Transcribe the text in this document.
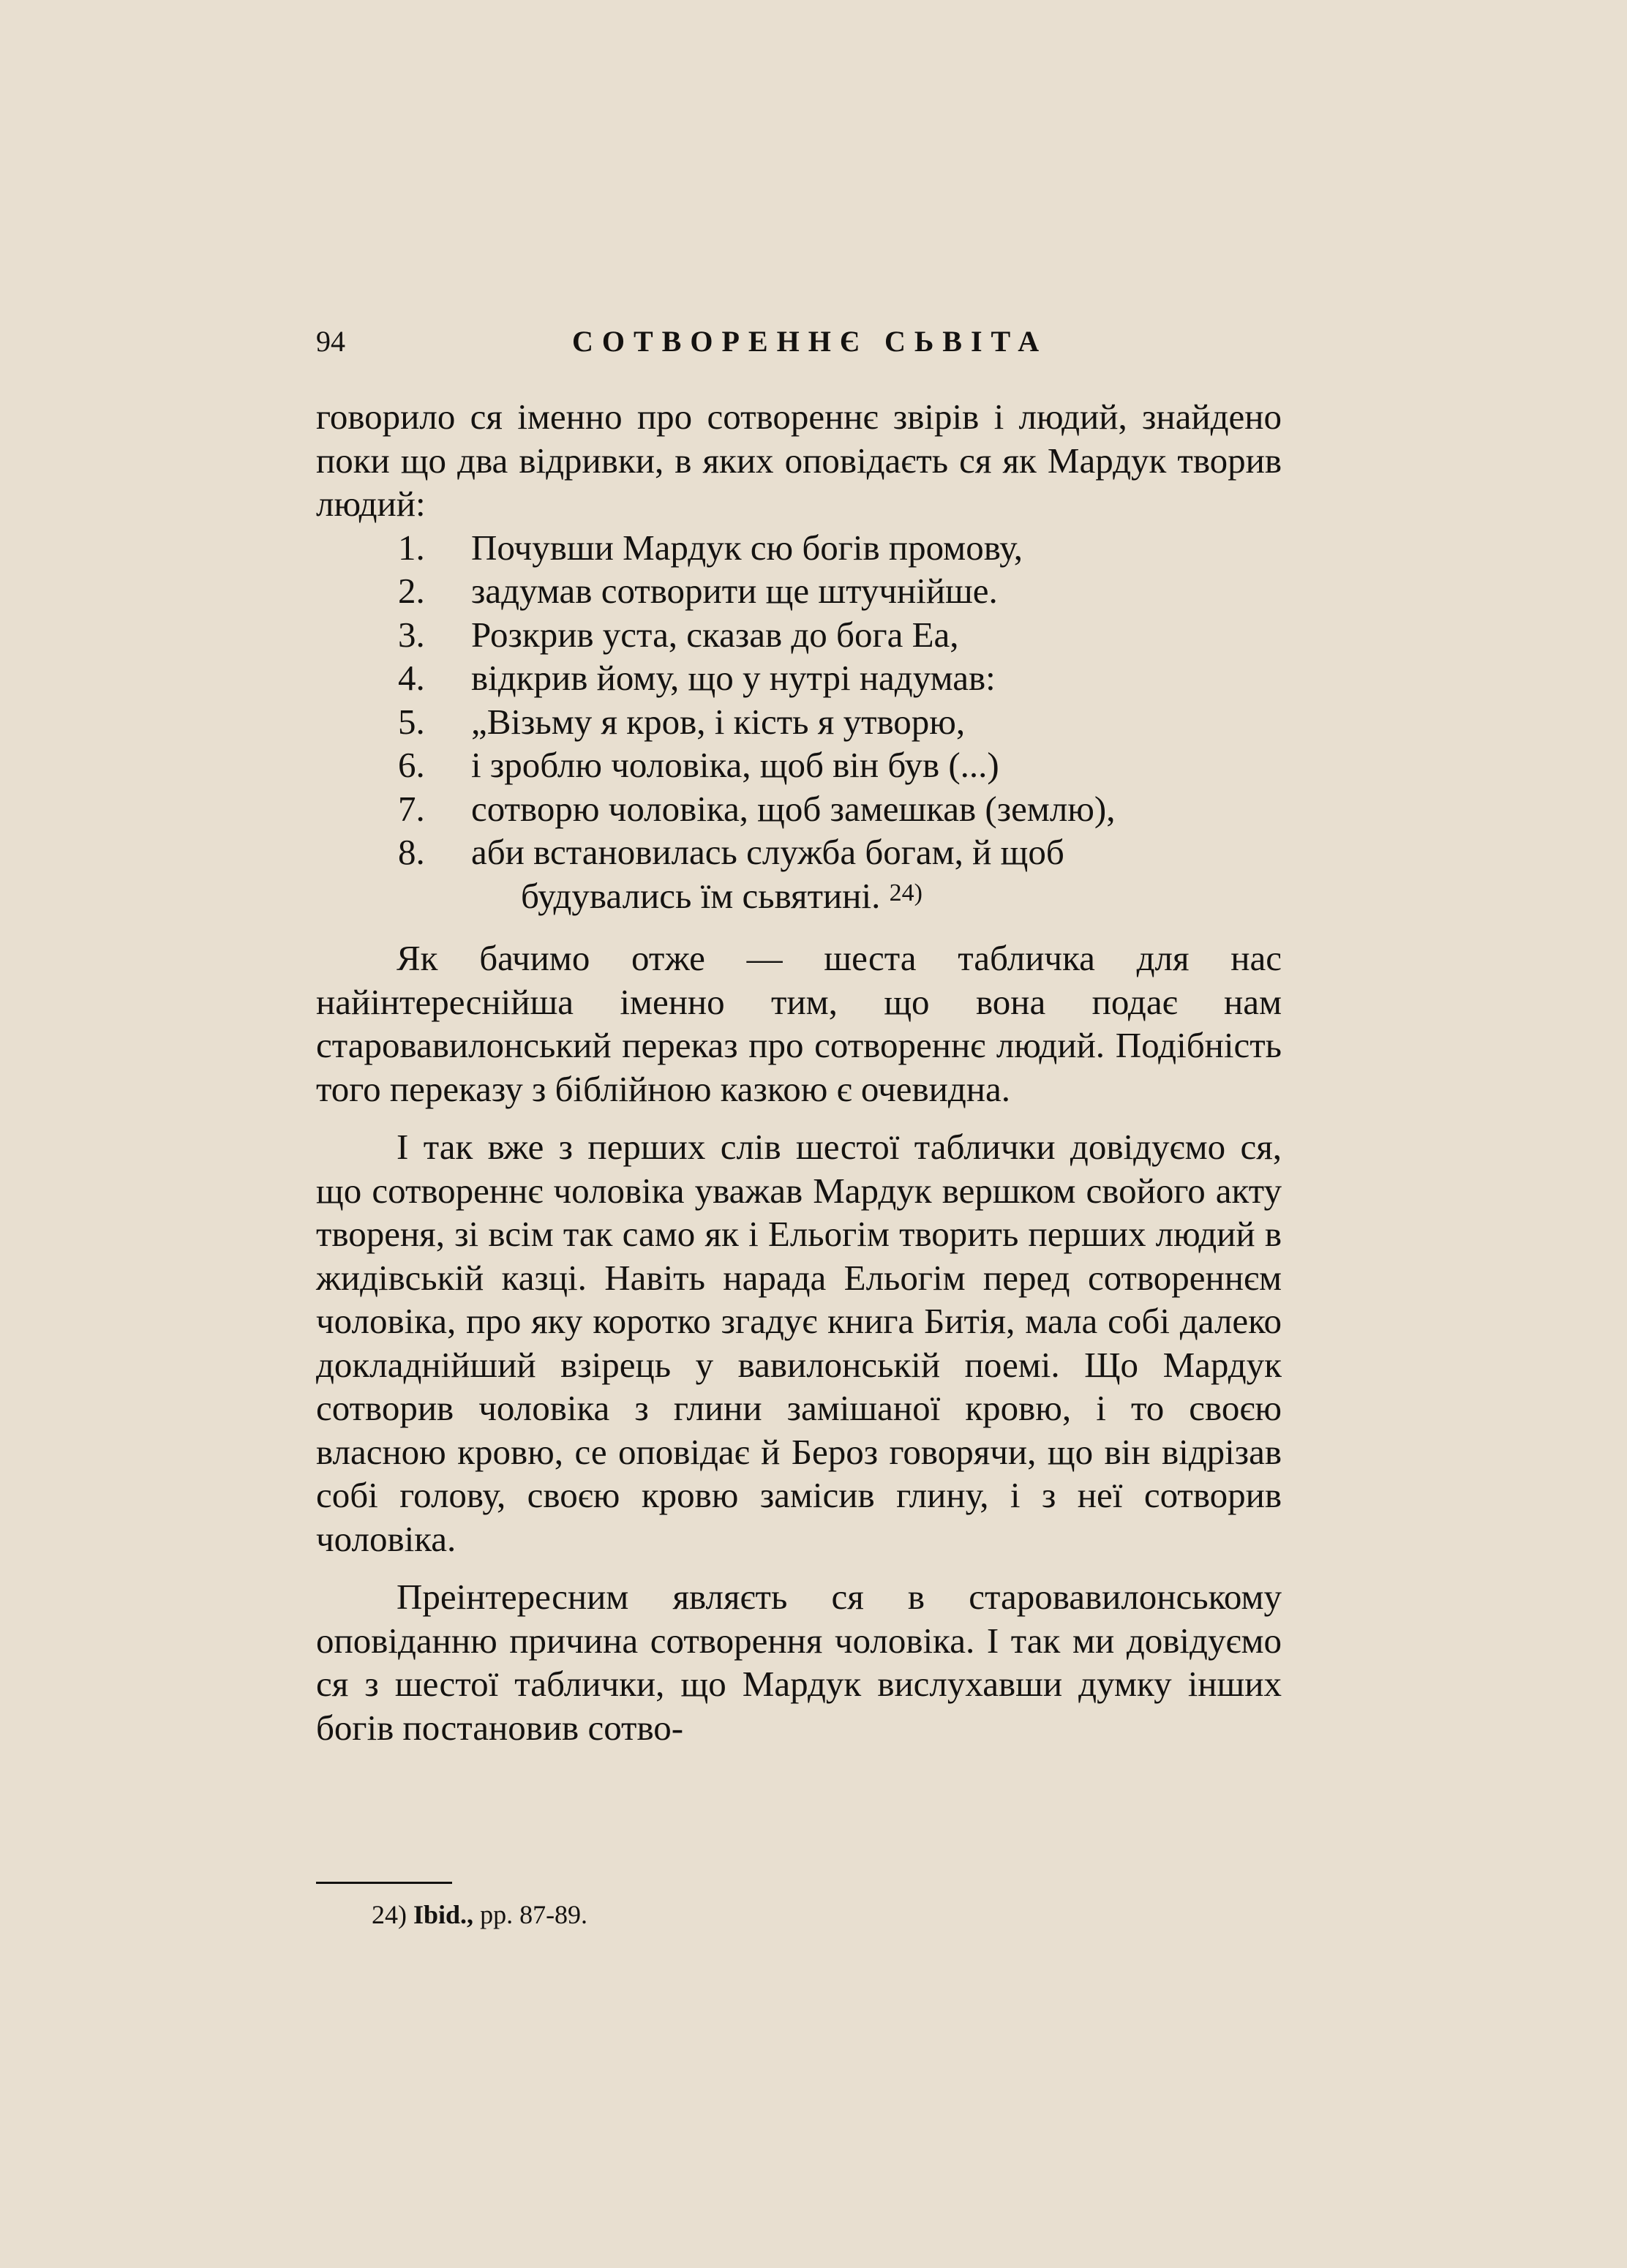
94	СОТВОРЕННЄ СЬВІТА

говорило ся іменно про сотвореннє звірів і людий, знайдено поки що два відривки, в яких оповідаєть ся як Мардук творив людий:

1. Почувши Мардук сю богів промову,
2. задумав сотворити ще штучнійше.
3. Розкрив уста, сказав до бога Еа,
4. відкрив йому, що у нутрі надумав:
5. „Візьму я кров, і кість я утворю,
6. і зроблю чоловіка, щоб він був (...)
7. сотворю чоловіка, щоб замешкав (землю),
8. аби встановилась служба богам, й щоб
будувались їм сьвятині. $^{24)}$

Як бачимо отже — шеста табличка для нас найінтереснійша іменно тим, що вона подає нам старовавилонський переказ про сотвореннє людий. Подібність того переказу з біблійною казкою є очевидна.

І так вже з перших слів шестої таблички довідуємо ся, що сотвореннє чоловіка уважав Мардук вершком свойого акту твореня, зі всім так само як і Ельогім творить перших людий в жидівській казці. Навіть нарада Ельогім перед сотвореннєм чоловіка, про яку коротко згадує книга Битія, мала собі далеко докладнійший взірець у вавилонській поемі. Що Мардук сотворив чоловіка з глини замішаної кровю, і то своєю власною кровю, се оповідає й Бероз говорячи, що він відрізав собі голову, своєю кровю замісив глину, і з неї сотворив чоловіка.

Преінтересним являєть ся в старовавилонському оповіданню причина сотворення чоловіка. І так ми довідуємо ся з шестої таблички, що Мардук вислухавши думку інших богів постановив сотво-

24) Ibid., pp. 87-89.
